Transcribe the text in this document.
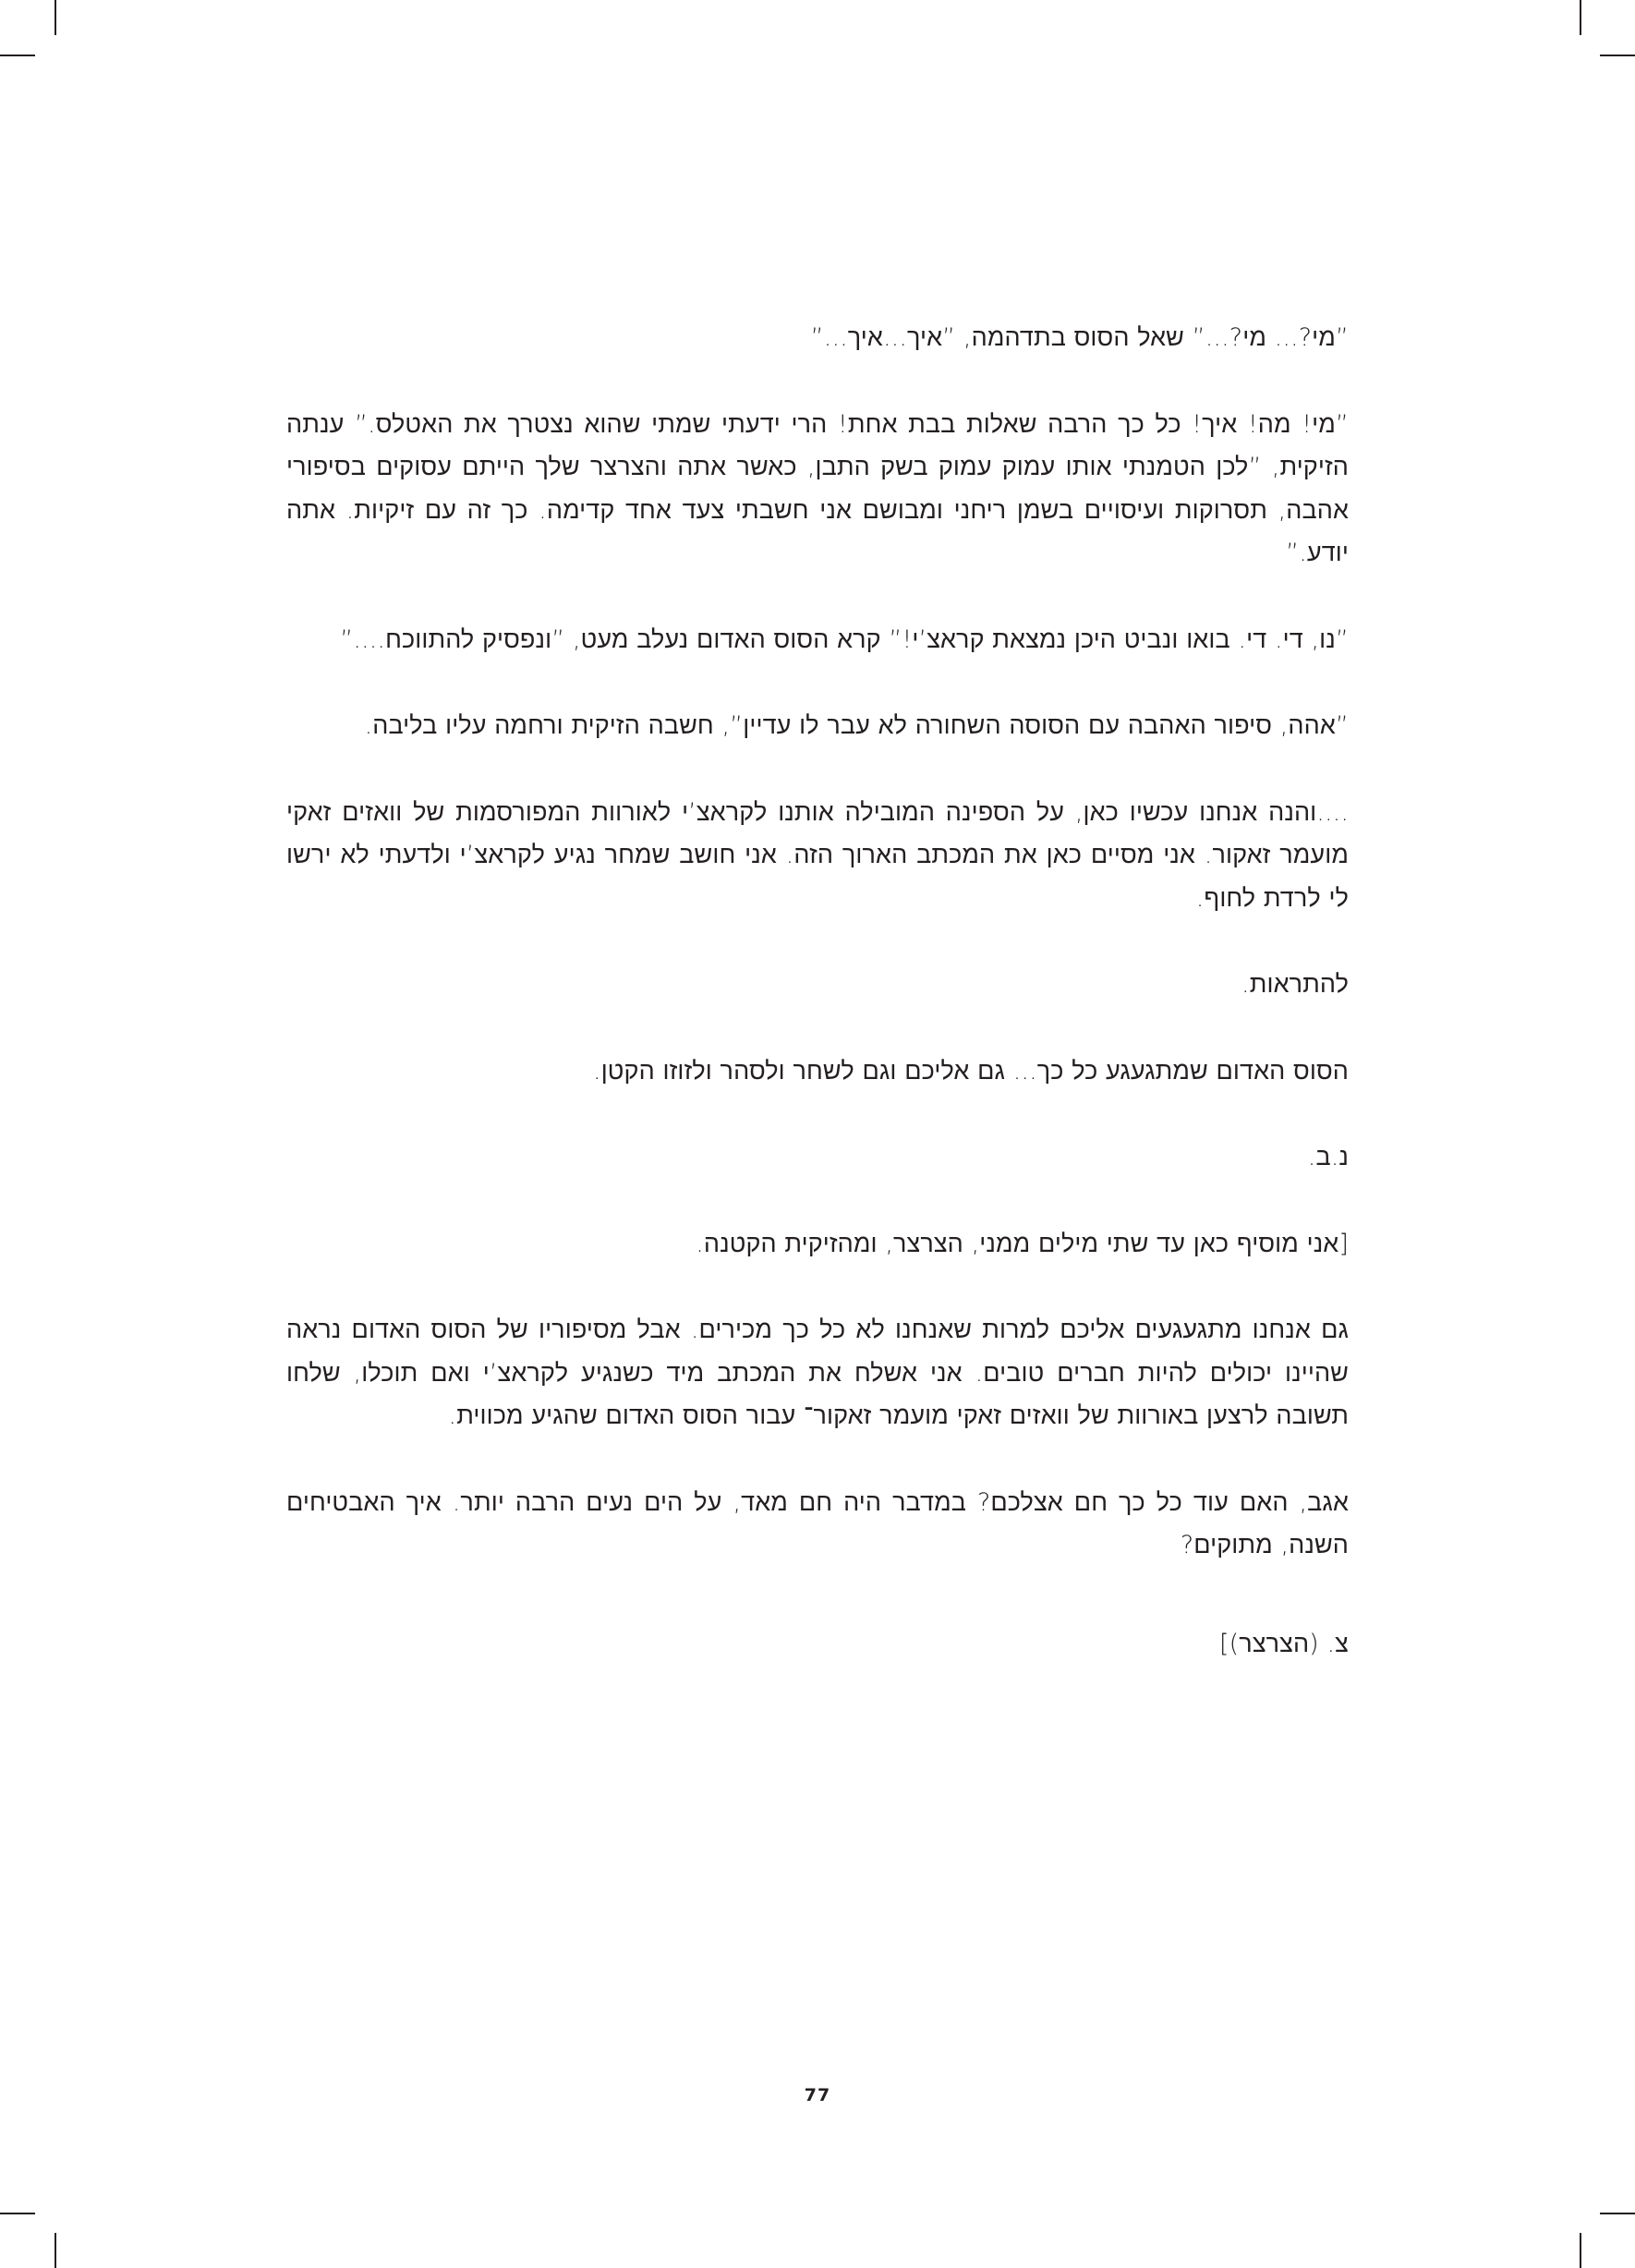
”מי?... מי?...” שאל הסוס בתדהמה, ”איך...איך...”

”מי! מה! איך! כל כך הרבה שאלות בבת אחת! הרי ידעתי שמתי שהוא נצטרך את האטלס.” ענתה הזיקית, ”לכן הטמנתי אותו עמוק עמוק בשק התבן, כאשר אתה והצרצר שלך הייתם עסוקים בסיפורי אהבה, תסרוקות ועיסויים בשמן ריחני ומבושם אני חשבתי צעד אחד קדימה. כך זה עם זיקיות. אתה יודע.”

”נו, די. די. בואו ונביט היכן נמצאת קראצ’י!” קרא הסוס האדום נעלב מעט, ”ונפסיק להתווכח....”

”אהה, סיפור האהבה עם הסוסה השחורה לא עבר לו עדיין”, חשבה הזיקית ורחמה עליו בליבה.

....והנה אנחנו עכשיו כאן, על הספינה המובילה אותנו לקראצ’י לאורוות המפורסמות של וואזים זאקי מועמר זאקור. אני מסיים כאן את המכתב הארוך הזה. אני חושב שמחר נגיע לקראצ’י ולדעתי לא ירשו לי לרדת לחוף.

להתראות.

הסוס האדום שמתגעגע כל כך... גם אליכם וגם לשחר ולסהר ולזוזו הקטן.

נ.ב.

[אני מוסיף כאן עד שתי מילים ממני, הצרצר, ומהזיקית הקטנה.

גם אנחנו מתגעגעים אליכם למרות שאנחנו לא כל כך מכירים. אבל מסיפוריו של הסוס האדום נראה שהיינו יכולים להיות חברים טובים. אני אשלח את המכתב מיד כשנגיע לקראצ’י ואם תוכלו, שלחו תשובה לרצען באורוות של וואזים זאקי מועמר זאקור־ עבור הסוס האדום שהגיע מכווית.

אגב, האם עוד כל כך חם אצלכם? במדבר היה חם מאד, על הים נעים הרבה יותר. איך האבטיחים השנה, מתוקים?

צ. (הצרצר)]

77
